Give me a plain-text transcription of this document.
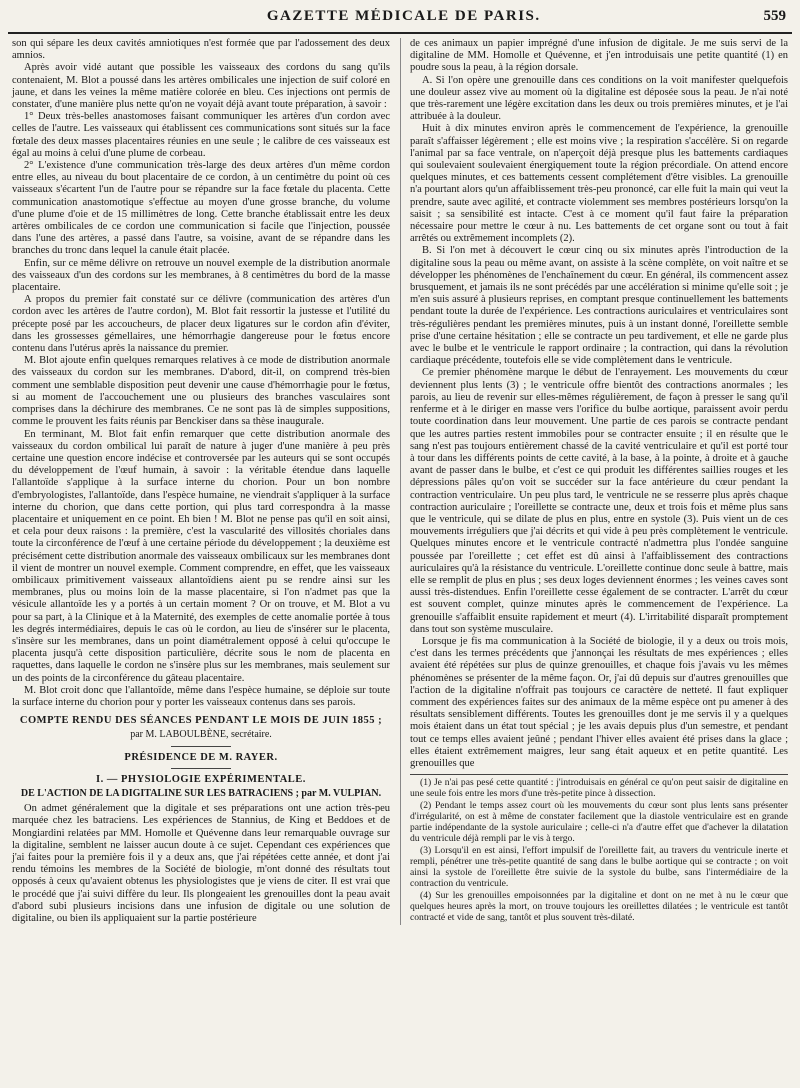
GAZETTE MÉDICALE DE PARIS.	559

son qui sépare les deux cavités amniotiques n'est formée que par l'adossement des deux amnios.

Après avoir vidé autant que possible les vaisseaux des cordons du sang qu'ils contenaient, M. Blot a poussé dans les artères ombilicales une injection de suif coloré en jaune, et dans les veines la même matière colorée en bleu. Ces injections ont permis de constater, d'une manière plus nette qu'on ne voyait déjà avant toute préparation, à savoir :

1° Deux très-belles anastomoses faisant communiquer les artères d'un cordon avec celles de l'autre. Les vaisseaux qui établissent ces communications sont situés sur la face fœtale des deux masses placentaires réunies en une seule ; le calibre de ces vaisseaux est égal au moins à celui d'une plume de corbeau.

2° L'existence d'une communication très-large des deux artères d'un même cordon entre elles, au niveau du bout placentaire de ce cordon, à un centimètre du point où ces vaisseaux s'écartent l'un de l'autre pour se répandre sur la face fœtale du placenta. Cette communication anastomotique s'effectue au moyen d'une grosse branche, du volume d'une plume d'oie et de 15 millimètres de long. Cette branche établissait entre les deux artères ombilicales de ce cordon une communication si facile que l'injection, poussée dans l'une des artères, a passé dans l'autre, sa voisine, avant de se répandre dans les branches du tronc dans lequel la canule était placée.

Enfin, sur ce même délivre on retrouve un nouvel exemple de la distribution anormale des vaisseaux d'un des cordons sur les membranes, à 8 centimètres du bord de la masse placentaire.

A propos du premier fait constaté sur ce délivre (communication des artères d'un cordon avec les artères de l'autre cordon), M. Blot fait ressortir la justesse et l'utilité du précepte posé par les accoucheurs, de placer deux ligatures sur le cordon afin d'éviter, dans les grossesses gémellaires, une hémorrhagie dangereuse pour le fœtus encore contenu dans l'utérus après la naissance du premier.

M. Blot ajoute enfin quelques remarques relatives à ce mode de distribution anormale des vaisseaux du cordon sur les membranes. D'abord, dit-il, on comprend très-bien comment une semblable disposition peut devenir une cause d'hémorrhagie pour le fœtus, si au moment de l'accouchement une ou plusieurs des branches vasculaires sont comprises dans la déchirure des membranes. Ce ne sont pas là de simples suppositions, comme le prouvent les faits réunis par Benckiser dans sa thèse inaugurale.

En terminant, M. Blot fait enfin remarquer que cette distribution anormale des vaisseaux du cordon ombilical lui paraît de nature à juger d'une manière à peu près certaine une question encore indécise et controversée par les auteurs qui se sont occupés du développement de l'œuf humain, à savoir : la véritable étendue dans laquelle l'allantoïde s'applique à la surface interne du chorion. Pour un bon nombre d'embryologistes, l'allantoïde, dans l'espèce humaine, ne viendrait s'appliquer à la surface interne du chorion, que dans cette portion, qui plus tard correspondra à la masse placentaire et uniquement en ce point. Eh bien ! M. Blot ne pense pas qu'il en soit ainsi, et cela pour deux raisons : la première, c'est la vascularité des villosités choriales dans toute la circonférence de l'œuf à une certaine période du développement ; la deuxième est précisément cette distribution anormale des vaisseaux ombilicaux sur les membranes dont il vient de montrer un nouvel exemple. Comment comprendre, en effet, que les vaisseaux ombilicaux primitivement vaisseaux allantoïdiens aient pu se rendre ainsi sur les membranes, plus ou moins loin de la masse placentaire, si l'on n'admet pas que la vésicule allantoïde les y a portés à un certain moment ? Or on trouve, et M. Blot a vu pour sa part, à la Clinique et à la Maternité, des exemples de cette anomalie portée à tous les degrés intermédiaires, depuis le cas où le cordon, au lieu de s'insérer sur le placenta, s'insère sur les membranes, dans un point diamétralement opposé à celui qu'occupe le placenta jusqu'à cette disposition particulière, décrite sous le nom de placenta en raquettes, dans laquelle le cordon ne s'insère plus sur les membranes, mais seulement sur un des points de la circonférence du gâteau placentaire.

M. Blot croit donc que l'allantoïde, même dans l'espèce humaine, se déploie sur toute la surface interne du chorion pour y porter les vaisseaux contenus dans ses parois.

COMPTE RENDU DES SÉANCES PENDANT LE MOIS DE JUIN 1855 ;
par M. LABOULBÈNE, secrétaire.
PRÉSIDENCE DE M. RAYER.
I. — PHYSIOLOGIE EXPÉRIMENTALE.
DE L'ACTION DE LA DIGITALINE SUR LES BATRACIENS ; par M. VULPIAN.

On admet généralement que la digitale et ses préparations ont une action très-peu marquée chez les batraciens. Les expériences de Stannius, de King et Beddoes et de Mongiardini relatées par MM. Homolle et Quévenne dans leur remarquable ouvrage sur la digitaline, semblent ne laisser aucun doute à ce sujet. Cependant ces expériences que j'ai faites pour la première fois il y a deux ans, que j'ai répétées cette année, et dont j'ai rendu témoins les membres de la Société de biologie, m'ont donné des résultats tout opposés à ceux qu'avaient obtenus les physiologistes que je viens de citer. Il est vrai que le procédé que j'ai suivi diffère du leur. Ils plongeaient les grenouilles dont la peau avait d'abord subi plusieurs incisions dans une infusion de digitale ou une solution de digitaline, ou bien ils appliquaient sur la partie postérieure

de ces animaux un papier imprégné d'une infusion de digitale. Je me suis servi de la digitaline de MM. Homolle et Quévenne, et j'en introduisais une petite quantité (1) en poudre sous la peau, à la région dorsale.

A. Si l'on opère une grenouille dans ces conditions on la voit manifester quelquefois une douleur assez vive au moment où la digitaline est déposée sous la peau. Je n'ai noté que très-rarement une légère excitation dans les deux ou trois premières minutes, et je l'ai attribuée à la douleur.

Huit à dix minutes environ après le commencement de l'expérience, la grenouille paraît s'affaisser légèrement ; elle est moins vive ; la respiration s'accélère. Si on regarde l'animal par sa face ventrale, on n'aperçoit déjà presque plus les battements cardiaques qui soulevaient soulevaient énergiquement toute la région précordiale. On attend encore quelques minutes, et ces battements cessent complétement d'être visibles. La grenouille n'a pourtant alors qu'un affaiblissement très-peu prononcé, car elle fuit la main qui veut la prendre, saute avec agilité, et contracte violemment ses membres postérieurs lorsqu'on la saisit ; sa sensibilité est intacte. C'est à ce moment qu'il faut faire la préparation nécessaire pour mettre le cœur à nu. Les battements de cet organe sont ou tout à fait arrêtés ou extrêmement incomplets (2).

B. Si l'on met à découvert le cœur cinq ou six minutes après l'introduction de la digitaline sous la peau ou même avant, on assiste à la scène complète, on voit naître et se développer les phénomènes de l'enchaînement du cœur. En général, ils commencent assez brusquement, et jamais ils ne sont précédés par une accélération si minime qu'elle soit ; je m'en suis assuré à plusieurs reprises, en comptant presque continuellement les battements pendant toute la durée de l'expérience. Les contractions auriculaires et ventriculaires sont très-régulières pendant les premières minutes, puis à un instant donné, l'oreillette semble prise d'une certaine hésitation ; elle se contracte un peu tardivement, et elle ne garde plus avec le bulbe et le ventricule le rapport ordinaire ; la contraction, qui dans la révolution cardiaque précédente, toutefois elle se vide complètement dans le ventricule.

Ce premier phénomène marque le début de l'enrayement. Les mouvements du cœur deviennent plus lents (3) ; le ventricule offre bientôt des contractions anormales ; les parois, au lieu de revenir sur elles-mêmes régulièrement, de façon à presser le sang qu'il renferme et à le diriger en masse vers l'orifice du bulbe aortique, paraissent avoir perdu toute coordination dans leur mouvement. Une partie de ces parois se contracte pendant que les autres parties restent immobiles pour se contracter ensuite ; il en résulte que le sang n'est pas toujours entièrement chassé de la cavité ventriculaire et qu'il est porté tour à tour dans les différents points de cette cavité, à la base, à la pointe, à droite et à gauche avant de passer dans le bulbe, et c'est ce qui produit les différentes saillies rouges et les dépressions pâles qu'on voit se succéder sur la face antérieure du cœur pendant la contraction ventriculaire. Un peu plus tard, le ventricule ne se resserre plus après chaque contraction auriculaire ; l'oreillette se contracte une, deux et trois fois et même plus sans que le ventricule, qui se dilate de plus en plus, entre en systole (3). Puis vient un de ces mouvements irréguliers que j'ai décrits et qui vide à peu près complètement le ventricule. Quelques minutes encore et le ventricule contracté n'admettra plus l'ondée sanguine poussée par l'oreillette ; cet effet est dû ainsi à l'affaiblissement des contractions auriculaires qu'à la résistance du ventricule. L'oreillette continue donc seule à battre, mais elle se remplit de plus en plus ; ses deux loges deviennent énormes ; les veines caves sont aussi très-distendues. Enfin l'oreillette cesse également de se contracter. L'arrêt du cœur est souvent complet, quinze minutes après le commencement de l'expérience. La grenouille s'affaiblit ensuite rapidement et meurt (4). L'irritabilité disparaît promptement dans tout son système musculaire.

Lorsque je fis ma communication à la Société de biologie, il y a deux ou trois mois, c'est dans les termes précédents que j'annonçai les résultats de mes expériences ; elles avaient été répétées sur plus de quinze grenouilles, et chaque fois j'avais vu les mêmes phénomènes se présenter de la même façon. Or, j'ai dû depuis sur d'autres grenouilles que l'action de la digitaline n'offrait pas toujours ce caractère de netteté. Il faut expliquer comment des expériences faites sur des animaux de la même espèce ont pu amener à des résultats sensiblement différents. Toutes les grenouilles dont je me servis il y a quelques mois étaient dans un état tout spécial ; je les avais depuis plus d'un semestre, et pendant tout ce temps elles avaient jeûné ; pendant l'hiver elles avaient été prises dans la glace ; elles étaient extrêmement maigres, leur sang était aqueux et en petite quantité. Les grenouilles que

(1) Je n'ai pas pesé cette quantité : j'introduisais en général ce qu'on peut saisir de digitaline en une seule fois entre les mors d'une très-petite pince à dissection.

(2) Pendant le temps assez court où les mouvements du cœur sont plus lents sans présenter d'irrégularité, on est à même de constater facilement que la diastole ventriculaire est en grande partie indépendante de la systole auriculaire ; celle-ci n'a d'autre effet que d'achever la dilatation du ventricule déjà rempli par le vis à tergo.

(3) Lorsqu'il en est ainsi, l'effort impulsif de l'oreillette fait, au travers du ventricule inerte et rempli, pénétrer une très-petite quantité de sang dans le bulbe aortique qui se contracte ; on voit ainsi la systole de l'oreillette être suivie de la systole du bulbe, sans l'intermédiaire de la contraction du ventricule.

(4) Sur les grenouilles empoisonnées par la digitaline et dont on ne met à nu le cœur que quelques heures après la mort, on trouve toujours les oreillettes dilatées ; le ventricule est tantôt contracté et vide de sang, tantôt et plus souvent très-dilaté.
